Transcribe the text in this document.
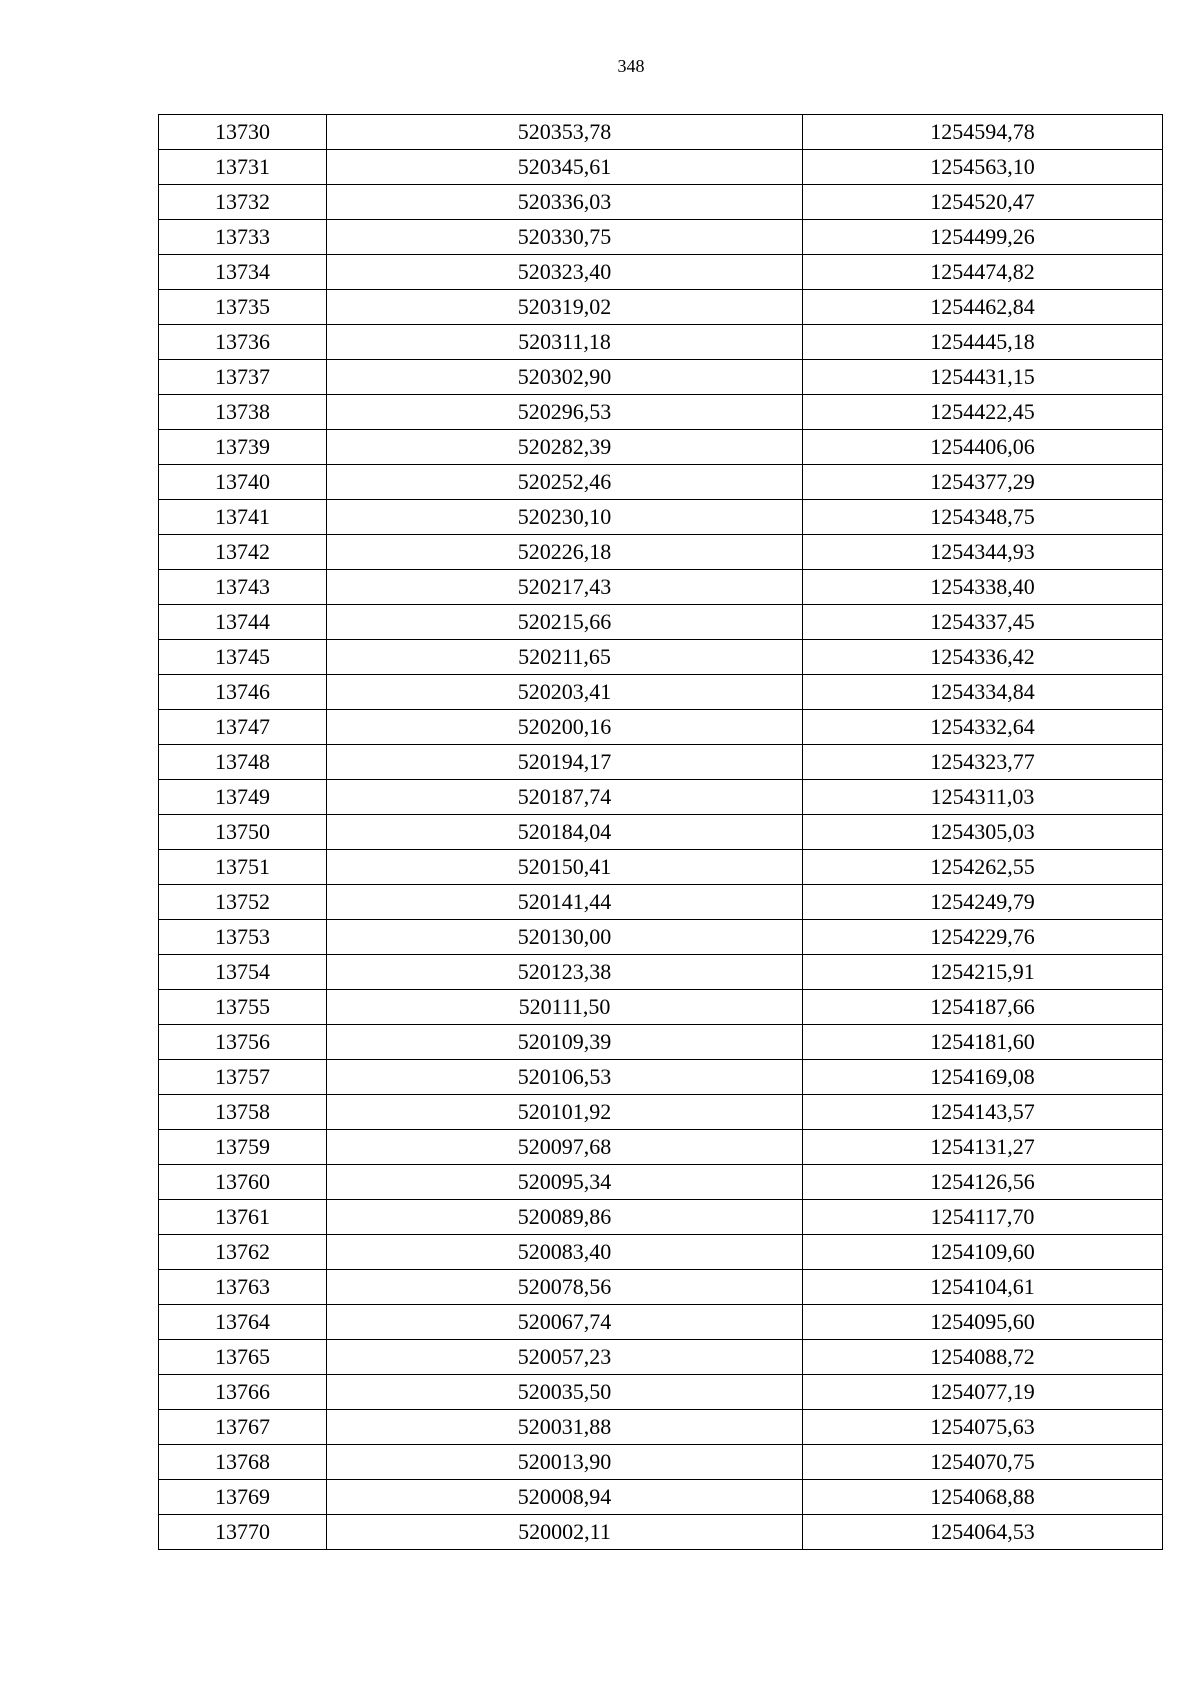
348
13730	520353,78	1254594,78
13731	520345,61	1254563,10
13732	520336,03	1254520,47
13733	520330,75	1254499,26
13734	520323,40	1254474,82
13735	520319,02	1254462,84
13736	520311,18	1254445,18
13737	520302,90	1254431,15
13738	520296,53	1254422,45
13739	520282,39	1254406,06
13740	520252,46	1254377,29
13741	520230,10	1254348,75
13742	520226,18	1254344,93
13743	520217,43	1254338,40
13744	520215,66	1254337,45
13745	520211,65	1254336,42
13746	520203,41	1254334,84
13747	520200,16	1254332,64
13748	520194,17	1254323,77
13749	520187,74	1254311,03
13750	520184,04	1254305,03
13751	520150,41	1254262,55
13752	520141,44	1254249,79
13753	520130,00	1254229,76
13754	520123,38	1254215,91
13755	520111,50	1254187,66
13756	520109,39	1254181,60
13757	520106,53	1254169,08
13758	520101,92	1254143,57
13759	520097,68	1254131,27
13760	520095,34	1254126,56
13761	520089,86	1254117,70
13762	520083,40	1254109,60
13763	520078,56	1254104,61
13764	520067,74	1254095,60
13765	520057,23	1254088,72
13766	520035,50	1254077,19
13767	520031,88	1254075,63
13768	520013,90	1254070,75
13769	520008,94	1254068,88
13770	520002,11	1254064,53
